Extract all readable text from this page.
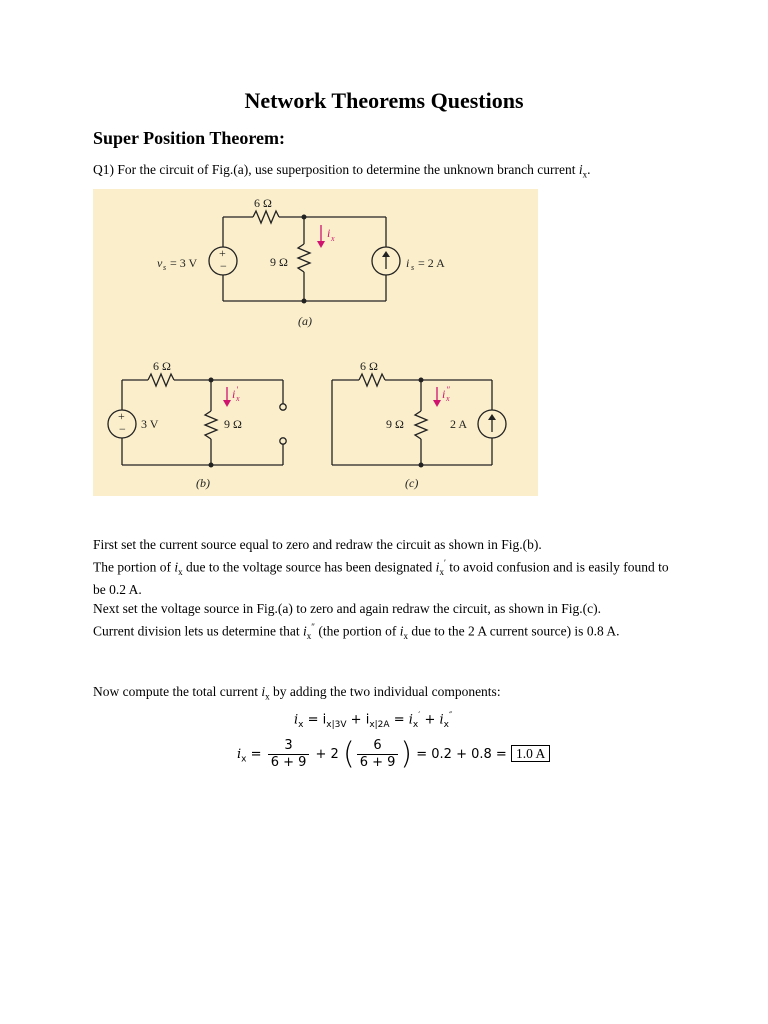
Network Theorems Questions
Super Position Theorem:
Q1) For the circuit of Fig.(a), use superposition to determine the unknown branch current $i_x$.
+
−
6 Ω
9 Ω
v s = 3 V	i s = 2 A
i x
(a)
+
−
6 Ω
9 Ω
3 V
i x
′
(b)
6 Ω
9 Ω	2 A
i x
″
(c)
First set the current source equal to zero and redraw the circuit as shown in Fig.(b).
The portion of $i_x$ due to the voltage source has been designated $i_x'$ to avoid confusion and is easily found to be 0.2 A.
Next set the voltage source in Fig.(a) to zero and again redraw the circuit, as shown in Fig.(c).
Current division lets us determine that $i_x''$ (the portion of $i_x$ due to the 2 A current source) is 0.8 A.
Now compute the total current $i_x$ by adding the two individual components:
$i_x = i_{x|3V} + i_{x|2A} = i_x' + i_x''$
$i_x = \frac{3}{6 + 9} + 2$ ( $\frac{6}{6 + 9}$ ) = 0.2 + 0.8 = 1.0 A
